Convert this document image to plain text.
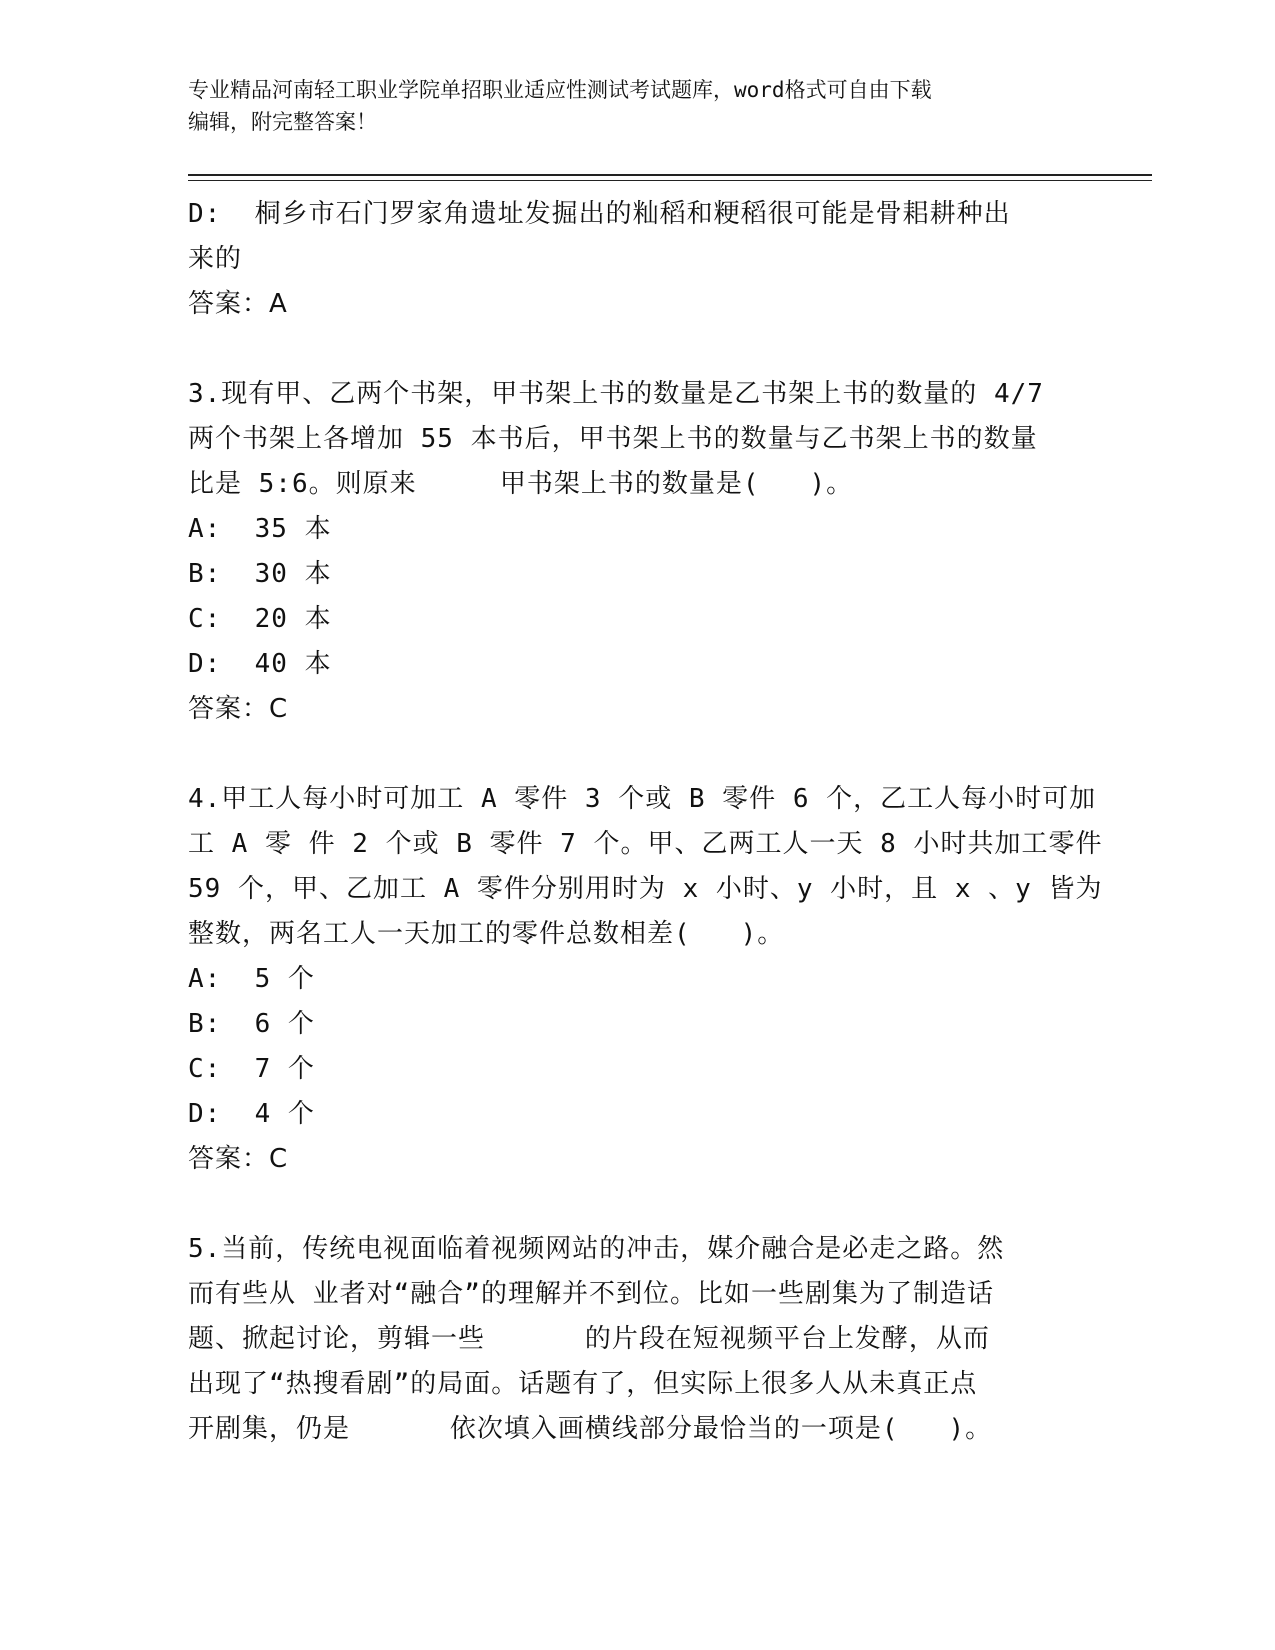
专业精品河南轻工职业学院单招职业适应性测试考试题库，word格式可自由下载
编辑，附完整答案！
D:  桐乡市石门罗家角遗址发掘出的籼稻和粳稻很可能是骨耜耕种出
来的
答案：A
3.现有甲、乙两个书架，甲书架上书的数量是乙书架上书的数量的 4/7
两个书架上各增加 55 本书后，甲书架上书的数量与乙书架上书的数量
比是 5:6。则原来     甲书架上书的数量是(   )。
A:  35 本
B:  30 本
C:  20 本
D:  40 本
答案：C
4.甲工人每小时可加工 A 零件 3 个或 B 零件 6 个，乙工人每小时可加
工 A 零 件 2 个或 B 零件 7 个。甲、乙两工人一天 8 小时共加工零件
59 个，甲、乙加工 A 零件分别用时为 x 小时、y 小时，且 x 、y 皆为
整数，两名工人一天加工的零件总数相差(   )。
A:  5 个
B:  6 个
C:  7 个
D:  4 个
答案：C
5.当前，传统电视面临着视频网站的冲击，媒介融合是必走之路。然
而有些从 业者对“融合”的理解并不到位。比如一些剧集为了制造话
题、掀起讨论，剪辑一些      的片段在短视频平台上发酵，从而
出现了“热搜看剧”的局面。话题有了，但实际上很多人从未真正点
开剧集，仍是      依次填入画横线部分最恰当的一项是(   )。
